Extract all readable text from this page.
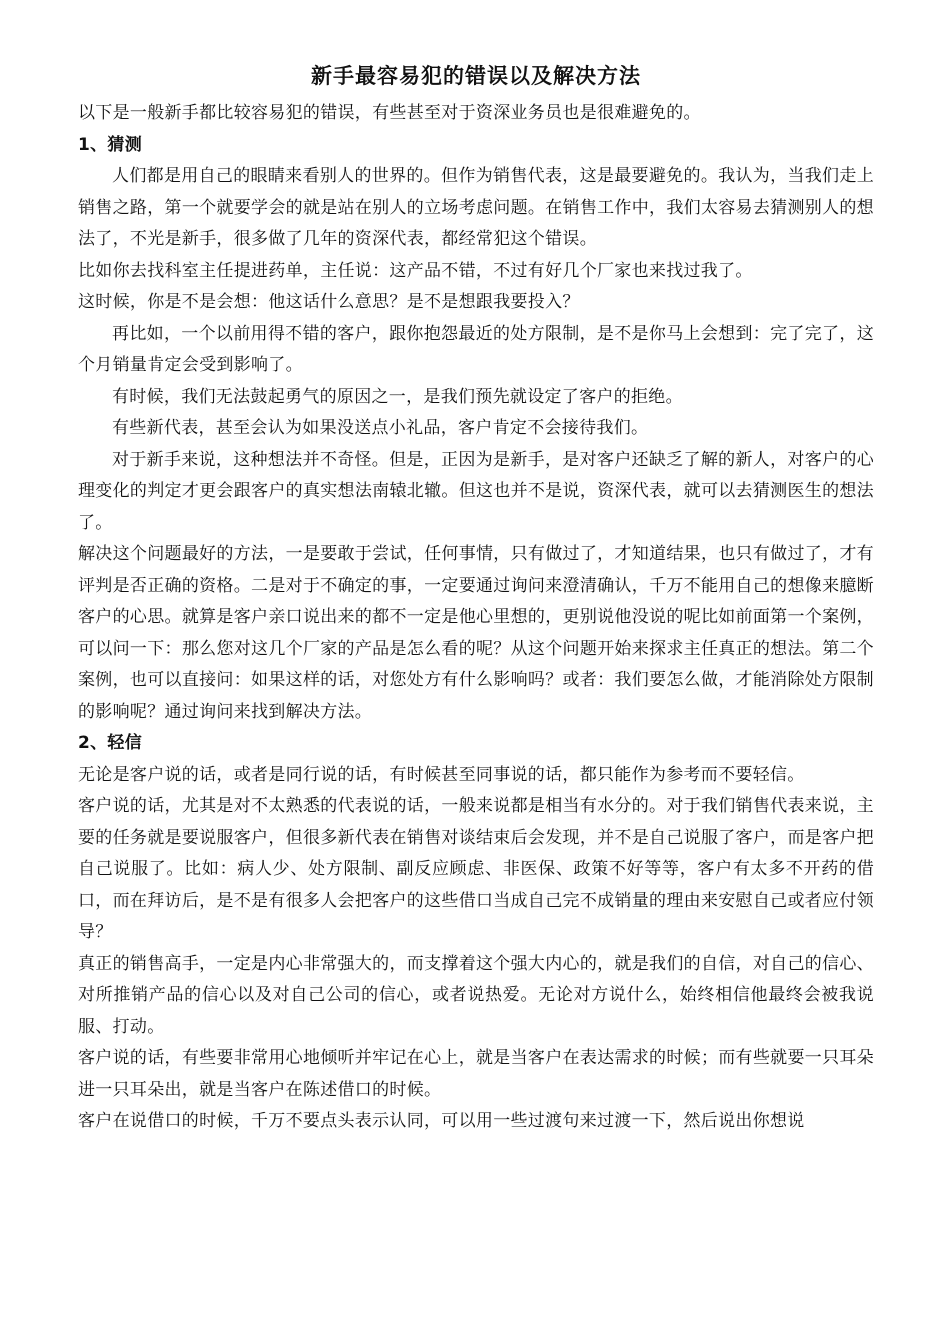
新手最容易犯的错误以及解决方法

以下是一般新手都比较容易犯的错误，有些甚至对于资深业务员也是很难避免的。

1、猜测

人们都是用自己的眼睛来看别人的世界的。但作为销售代表，这是最要避免的。我认为，当我们走上销售之路，第一个就要学会的就是站在别人的立场考虑问题。在销售工作中，我们太容易去猜测别人的想法了，不光是新手，很多做了几年的资深代表，都经常犯这个错误。

比如你去找科室主任提进药单，主任说：这产品不错，不过有好几个厂家也来找过我了。

这时候，你是不是会想：他这话什么意思？是不是想跟我要投入？

再比如，一个以前用得不错的客户，跟你抱怨最近的处方限制，是不是你马上会想到：完了完了，这个月销量肯定会受到影响了。

有时候，我们无法鼓起勇气的原因之一，是我们预先就设定了客户的拒绝。

有些新代表，甚至会认为如果没送点小礼品，客户肯定不会接待我们。

对于新手来说，这种想法并不奇怪。但是，正因为是新手，是对客户还缺乏了解的新人，对客户的心理变化的判定才更会跟客户的真实想法南辕北辙。但这也并不是说，资深代表，就可以去猜测医生的想法了。

解决这个问题最好的方法，一是要敢于尝试，任何事情，只有做过了，才知道结果，也只有做过了，才有评判是否正确的资格。二是对于不确定的事，一定要通过询问来澄清确认，千万不能用自己的想像来臆断客户的心思。就算是客户亲口说出来的都不一定是他心里想的，更别说他没说的呢比如前面第一个案例，可以问一下：那么您对这几个厂家的产品是怎么看的呢？从这个问题开始来探求主任真正的想法。第二个案例，也可以直接问：如果这样的话，对您处方有什么影响吗？或者：我们要怎么做，才能消除处方限制的影响呢？通过询问来找到解决方法。

2、轻信

无论是客户说的话，或者是同行说的话，有时候甚至同事说的话，都只能作为参考而不要轻信。

客户说的话，尤其是对不太熟悉的代表说的话，一般来说都是相当有水分的。对于我们销售代表来说，主要的任务就是要说服客户，但很多新代表在销售对谈结束后会发现，并不是自己说服了客户，而是客户把自己说服了。比如：病人少、处方限制、副反应顾虑、非医保、政策不好等等，客户有太多不开药的借口，而在拜访后，是不是有很多人会把客户的这些借口当成自己完不成销量的理由来安慰自己或者应付领导？

真正的销售高手，一定是内心非常强大的，而支撑着这个强大内心的，就是我们的自信，对自己的信心、对所推销产品的信心以及对自己公司的信心，或者说热爱。无论对方说什么，始终相信他最终会被我说服、打动。

客户说的话，有些要非常用心地倾听并牢记在心上，就是当客户在表达需求的时候；而有些就要一只耳朵进一只耳朵出，就是当客户在陈述借口的时候。

客户在说借口的时候，千万不要点头表示认同，可以用一些过渡句来过渡一下，然后说出你想说
